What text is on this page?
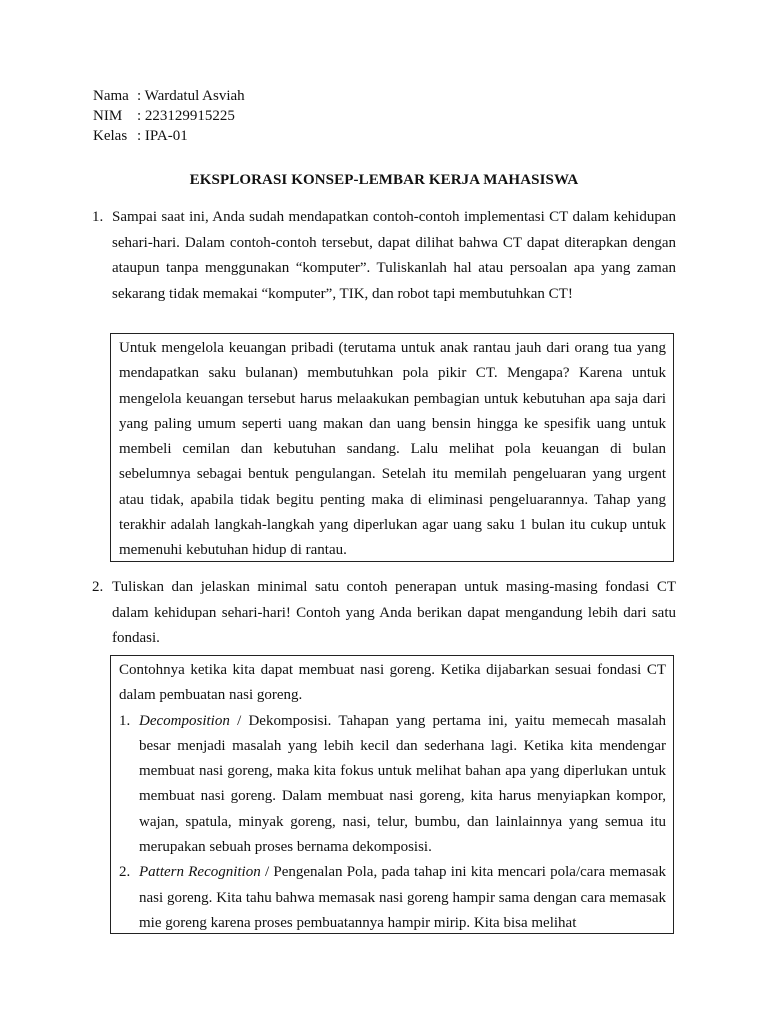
Nama : Wardatul Asviah
NIM : 223129915225
Kelas : IPA-01
EKSPLORASI KONSEP-LEMBAR KERJA MAHASISWA
1. Sampai saat ini, Anda sudah mendapatkan contoh-contoh implementasi CT dalam kehidupan sehari-hari. Dalam contoh-contoh tersebut, dapat dilihat bahwa CT dapat diterapkan dengan ataupun tanpa menggunakan “komputer”. Tuliskanlah hal atau persoalan apa yang zaman sekarang tidak memakai “komputer”, TIK, dan robot tapi membutuhkan CT!
Untuk mengelola keuangan pribadi (terutama untuk anak rantau jauh dari orang tua yang mendapatkan saku bulanan) membutuhkan pola pikir CT. Mengapa? Karena untuk mengelola keuangan tersebut harus melaakukan pembagian untuk kebutuhan apa saja dari yang paling umum seperti uang makan dan uang bensin hingga ke spesifik uang untuk membeli cemilan dan kebutuhan sandang. Lalu melihat pola keuangan di bulan sebelumnya sebagai bentuk pengulangan. Setelah itu memilah pengeluaran yang urgent atau tidak, apabila tidak begitu penting maka di eliminasi pengeluarannya. Tahap yang terakhir adalah langkah-langkah yang diperlukan agar uang saku 1 bulan itu cukup untuk memenuhi kebutuhan hidup di rantau.
2. Tuliskan dan jelaskan minimal satu contoh penerapan untuk masing-masing fondasi CT dalam kehidupan sehari-hari! Contoh yang Anda berikan dapat mengandung lebih dari satu fondasi.
Contohnya ketika kita dapat membuat nasi goreng. Ketika dijabarkan sesuai fondasi CT dalam pembuatan nasi goreng.
1. Decomposition / Dekomposisi. Tahapan yang pertama ini, yaitu memecah masalah besar menjadi masalah yang lebih kecil dan sederhana lagi. Ketika kita mendengar membuat nasi goreng, maka kita fokus untuk melihat bahan apa yang diperlukan untuk membuat nasi goreng. Dalam membuat nasi goreng, kita harus menyiapkan kompor, wajan, spatula, minyak goreng, nasi, telur, bumbu, dan lainlainnya yang semua itu merupakan sebuah proses bernama dekomposisi.
2. Pattern Recognition / Pengenalan Pola, pada tahap ini kita mencari pola/cara memasak nasi goreng. Kita tahu bahwa memasak nasi goreng hampir sama dengan cara memasak mie goreng karena proses pembuatannya hampir mirip. Kita bisa melihat
